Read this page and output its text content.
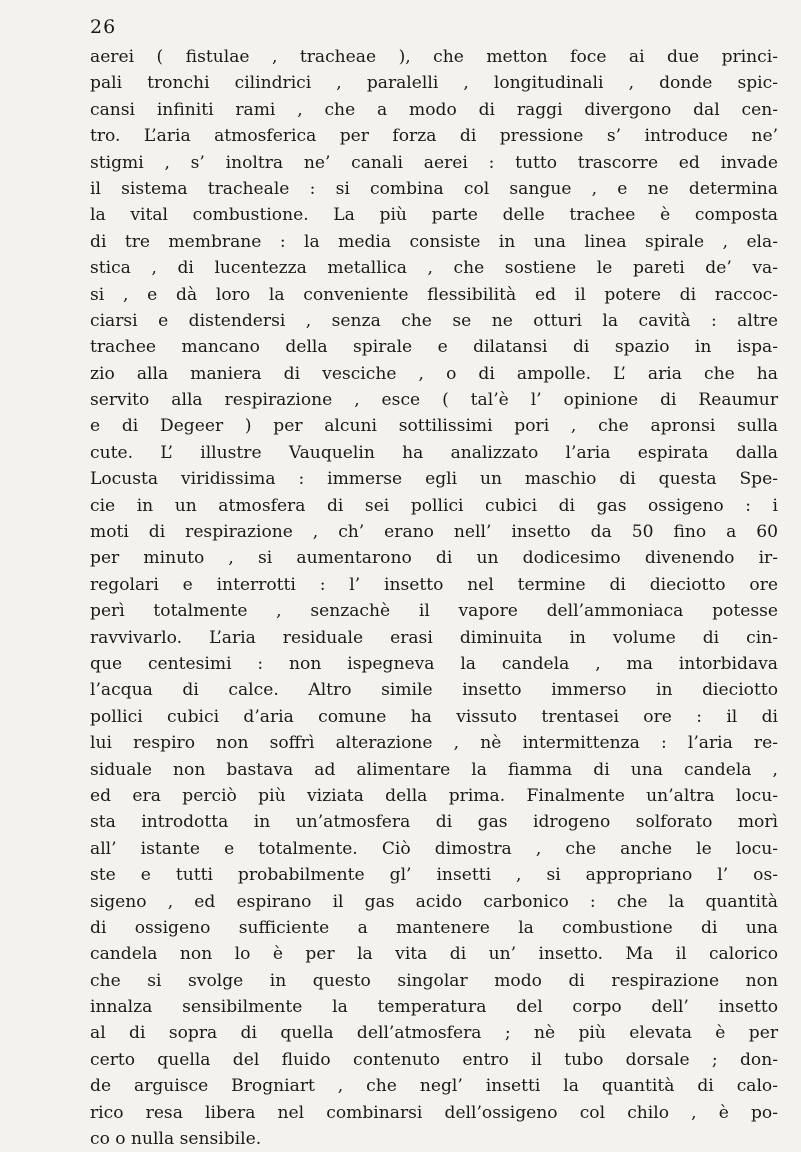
26
aerei ( fistulae , tracheae ), che metton foce ai due princi-
pali tronchi cilindrici , paralelli , longitudinali , donde spic-
cansi infiniti rami , che a modo di raggi divergono dal cen-
tro. L’aria atmosferica per forza di pressione s’ introduce ne’
stigmi , s’ inoltra ne’ canali aerei : tutto trascorre ed invade
il sistema tracheale : si combina col sangue , e ne determina
la vital combustione. La più parte delle trachee è composta
di tre membrane : la media consiste in una linea spirale , ela-
stica , di lucentezza metallica , che sostiene le pareti de’ va-
si , e dà loro la conveniente flessibilità ed il potere di raccoc-
ciarsi e distendersi , senza che se ne otturi la cavità : altre
trachee mancano della spirale e dilatansi di spazio in ispa-
zio alla maniera di vesciche , o di ampolle. L’ aria che ha
servito alla respirazione , esce ( tal’è l’ opinione di Reaumur
e di Degeer ) per alcuni sottilissimi pori , che apronsi sulla
cute. L’ illustre Vauquelin ha analizzato l’aria espirata dalla
Locusta viridissima : immerse egli un maschio di questa Spe-
cie in un atmosfera di sei pollici cubici di gas ossigeno : i
moti di respirazione , ch’ erano nell’ insetto da 50 fino a 60
per minuto , si aumentarono di un dodicesimo divenendo ir-
regolari e interrotti : l’ insetto nel termine di dieciotto ore
perì totalmente , senzachè il vapore dell’ammoniaca potesse
ravvivarlo. L’aria residuale erasi diminuita in volume di cin-
que centesimi : non ispegneva la candela , ma intorbidava
l’acqua di calce. Altro simile insetto immerso in dieciotto
pollici cubici d’aria comune ha vissuto trentasei ore : il di
lui respiro non soffrì alterazione , nè intermittenza : l’aria re-
siduale non bastava ad alimentare la fiamma di una candela ,
ed era perciò più viziata della prima. Finalmente un’altra locu-
sta introdotta in un’atmosfera di gas idrogeno solforato morì
all’ istante e totalmente. Ciò dimostra , che anche le locu-
ste e tutti probabilmente gl’ insetti , si appropriano l’ os-
sigeno , ed espirano il gas acido carbonico : che la quantità
di ossigeno sufficiente a mantenere la combustione di una
candela non lo è per la vita di un’ insetto. Ma il calorico
che si svolge in questo singolar modo di respirazione non
innalza sensibilmente la temperatura del corpo dell’ insetto
al di sopra di quella dell’atmosfera ; nè più elevata è per
certo quella del fluido contenuto entro il tubo dorsale ; don-
de arguisce Brogniart , che negl’ insetti la quantità di calo-
rico resa libera nel combinarsi dell’ossigeno col chilo , è po-
co o nulla sensibile.
